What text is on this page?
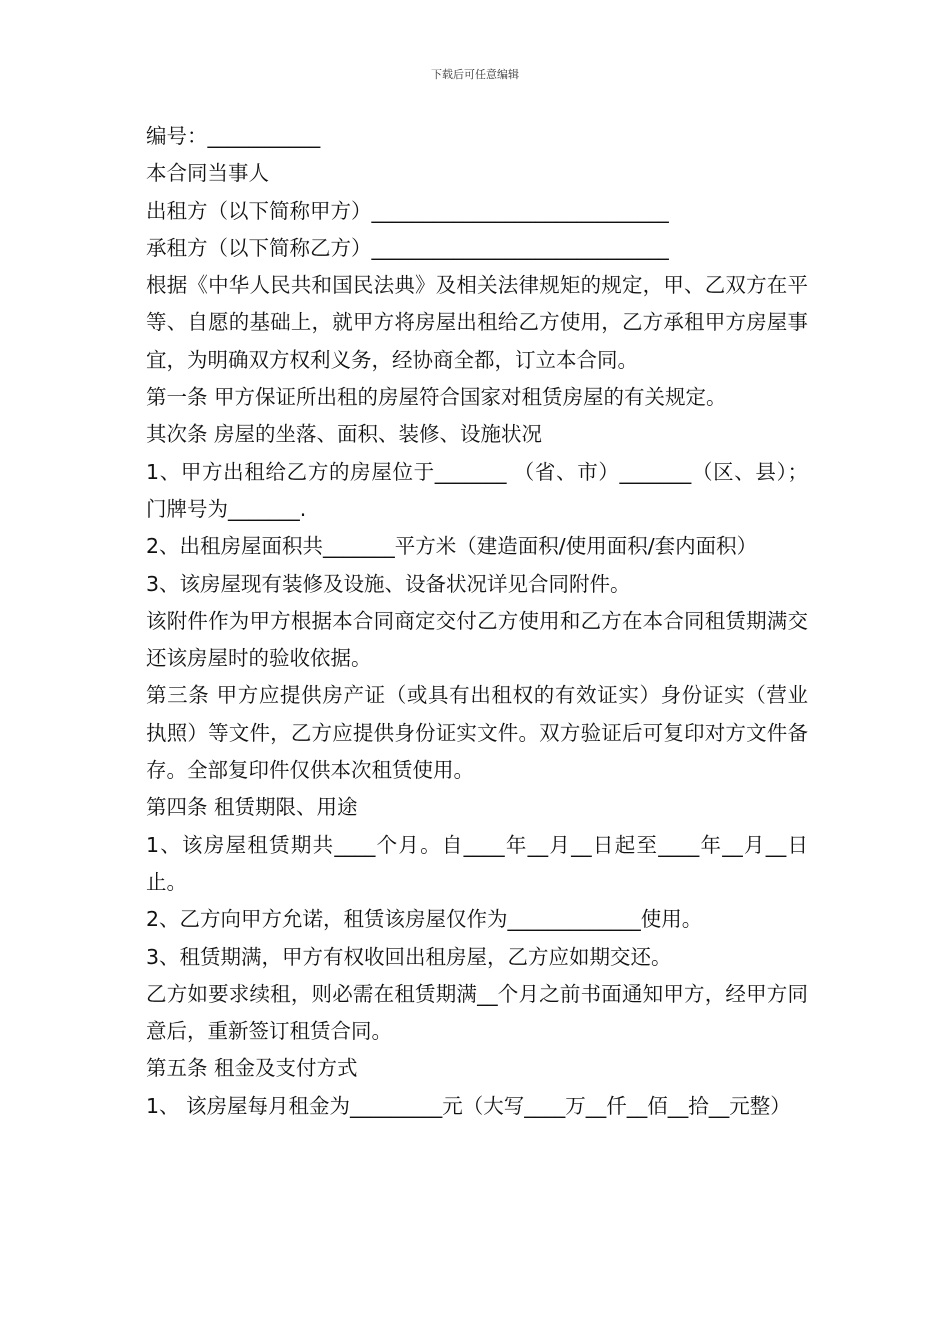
下载后可任意编辑

编号：___________

本合同当事人

出租方（以下简称甲方）_____________________________

承租方（以下简称乙方）_____________________________

根据《中华人民共和国民法典》及相关法律规矩的规定，甲、乙双方在平等、自愿的基础上，就甲方将房屋出租给乙方使用，乙方承租甲方房屋事宜，为明确双方权利义务，经协商全都，订立本合同。

第一条 甲方保证所出租的房屋符合国家对租赁房屋的有关规定。

其次条 房屋的坐落、面积、装修、设施状况

1、甲方出租给乙方的房屋位于_______ （省、市）_______（区、县）；门牌号为_______.

2、出租房屋面积共_______平方米（建造面积/使用面积/套内面积）

3、该房屋现有装修及设施、设备状况详见合同附件。

该附件作为甲方根据本合同商定交付乙方使用和乙方在本合同租赁期满交还该房屋时的验收依据。

第三条 甲方应提供房产证（或具有出租权的有效证实）身份证实（营业执照）等文件，乙方应提供身份证实文件。双方验证后可复印对方文件备存。全部复印件仅供本次租赁使用。

第四条 租赁期限、用途

1、该房屋租赁期共____个月。自____年__月__日起至____年__月__日止。

2、乙方向甲方允诺，租赁该房屋仅作为_____________使用。

3、租赁期满，甲方有权收回出租房屋，乙方应如期交还。

乙方如要求续租，则必需在租赁期满__个月之前书面通知甲方，经甲方同意后，重新签订租赁合同。

第五条 租金及支付方式

1、 该房屋每月租金为_________元（大写____万__仟__佰__拾__元整）
